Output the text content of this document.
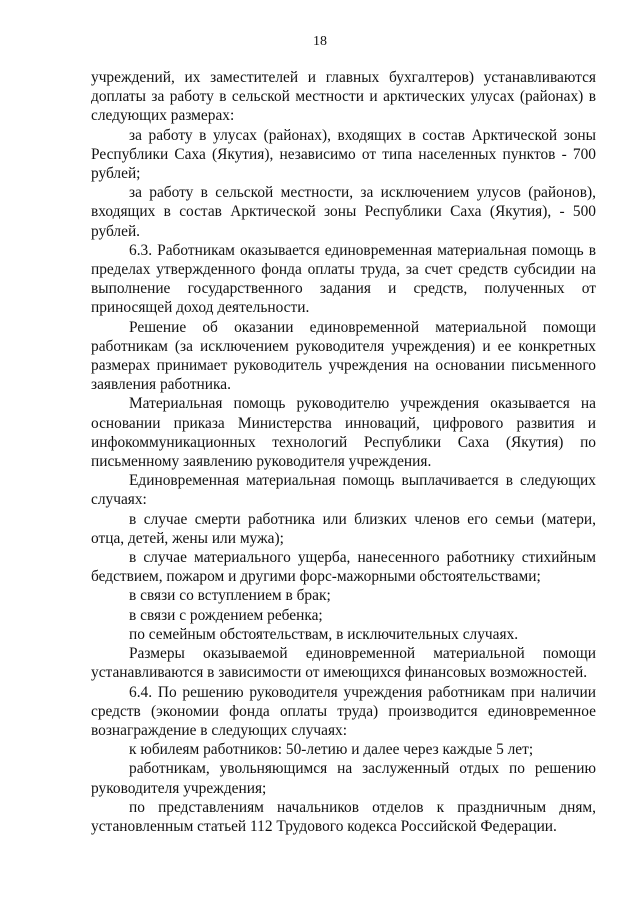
18

учреждений, их заместителей и главных бухгалтеров) устанавливаются доплаты за работу в сельской местности и арктических улусах (районах) в следующих размерах:

за работу в улусах (районах), входящих в состав Арктической зоны Республики Саха (Якутия), независимо от типа населенных пунктов - 700 рублей;

за работу в сельской местности, за исключением улусов (районов), входящих в состав Арктической зоны Республики Саха (Якутия), - 500 рублей.

6.3. Работникам оказывается единовременная материальная помощь в пределах утвержденного фонда оплаты труда, за счет средств субсидии на выполнение государственного задания и средств, полученных от приносящей доход деятельности.

Решение об оказании единовременной материальной помощи работникам (за исключением руководителя учреждения) и ее конкретных размерах принимает руководитель учреждения на основании письменного заявления работника.

Материальная помощь руководителю учреждения оказывается на основании приказа Министерства инноваций, цифрового развития и инфокоммуникационных технологий Республики Саха (Якутия) по письменному заявлению руководителя учреждения.

Единовременная материальная помощь выплачивается в следующих случаях:

в случае смерти работника или близких членов его семьи (матери, отца, детей, жены или мужа);

в случае материального ущерба, нанесенного работнику стихийным бедствием, пожаром и другими форс-мажорными обстоятельствами;

в связи со вступлением в брак;

в связи с рождением ребенка;

по семейным обстоятельствам, в исключительных случаях.

Размеры оказываемой единовременной материальной помощи устанавливаются в зависимости от имеющихся финансовых возможностей.

6.4. По решению руководителя учреждения работникам при наличии средств (экономии фонда оплаты труда) производится единовременное вознаграждение в следующих случаях:

к юбилеям работников: 50-летию и далее через каждые 5 лет;

работникам, увольняющимся на заслуженный отдых по решению руководителя учреждения;

по представлениям начальников отделов к праздничным дням, установленным статьей 112 Трудового кодекса Российской Федерации.
